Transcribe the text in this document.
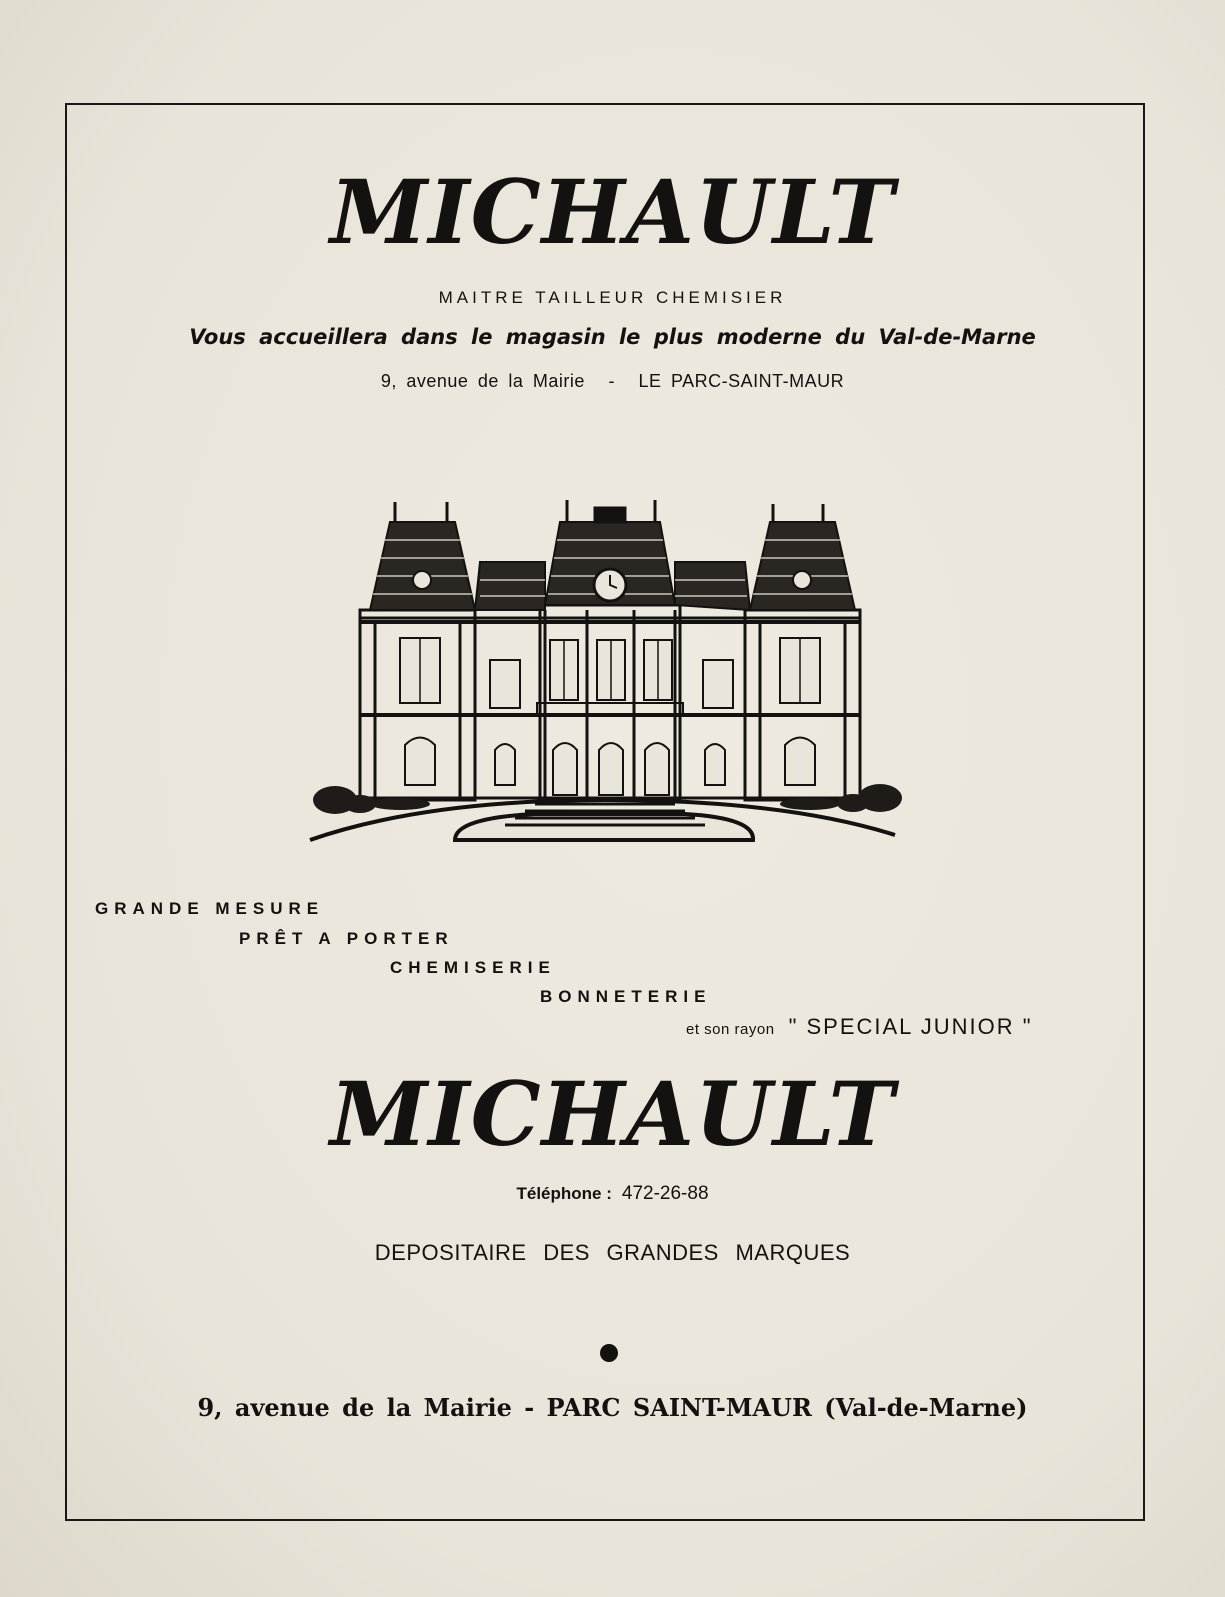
MICHAULT
MAITRE TAILLEUR CHEMISIER
Vous accueillera dans le magasin le plus moderne du Val-de-Marne
9, avenue de la Mairie - LE PARC-SAINT-MAUR
GRANDE MESURE
PRÊT A PORTER
CHEMISERIE
BONNETERIE
et son rayon " SPECIAL JUNIOR "
MICHAULT
Téléphone : 472-26-88
DEPOSITAIRE DES GRANDES MARQUES
9, avenue de la Mairie - PARC SAINT-MAUR (Val-de-Marne)
